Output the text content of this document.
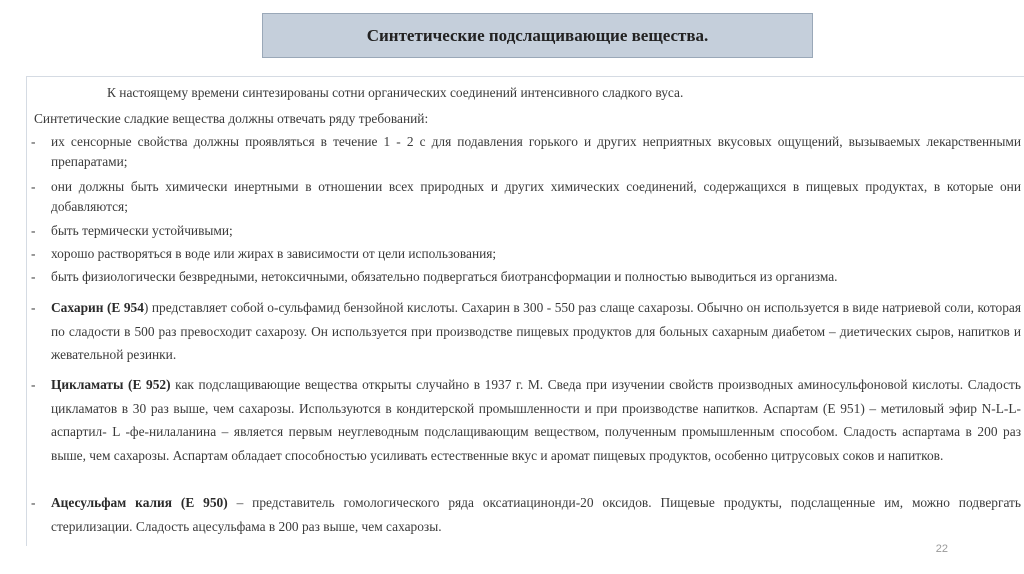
Синтетические подслащивающие вещества.
К настоящему времени синтезированы сотни органических соединений интенсивного сладкого вуса.
Синтетические сладкие вещества должны отвечать ряду требований:
-	их сенсорные свойства должны проявляться в течение 1 - 2 с для подавления горького и других неприятных вкусовых ощущений, вызываемых лекарственными препаратами;
-	они должны быть химически инертными в отношении всех природных и других химических соединений, содержащихся в пищевых продуктах, в которые они добавляются;
-	быть термически устойчивыми;
-	хорошо растворяться в воде или жирах в зависимости от цели использования;
-	быть физиологически безвредными, нетоксичными, обязательно подвергаться биотрансформации и полностью выводиться из организма.
-	Сахарин (Е 954) представляет собой о-сульфамид бензойной кислоты. Сахарин в 300 - 550 раз слаще сахарозы. Обычно он используется в виде натриевой соли, которая по сладости в 500 раз превосходит сахарозу. Он используется при производстве пищевых продуктов для больных сахарным диабетом – диетических сыров, напитков и жевательной резинки.
-	Цикламаты (Е 952) как подслащивающие вещества открыты случайно в 1937 г. М. Сведа при изучении свойств производных аминосульфоновой кислоты. Сладость цикламатов в 30 раз выше, чем сахарозы. Используются в кондитерской промышленности и при производстве напитков. Аспартам (Е 951) – метиловый эфир N-L-L-аспартил- L -фе-нилаланина – является первым неуглеводным подслащивающим веществом, полученным промышленным способом. Сладость аспартама в 200 раз выше, чем сахарозы. Аспартам обладает способностью усиливать естественные вкус и аромат пищевых продуктов, особенно цитрусовых соков и напитков.
-	Ацесульфам калия (Е 950) – представитель гомологического ряда оксатиацинонди-20 оксидов. Пищевые продукты, подслащенные им, можно подвергать стерилизации. Сладость ацесульфама в 200 раз выше, чем сахарозы.
22
